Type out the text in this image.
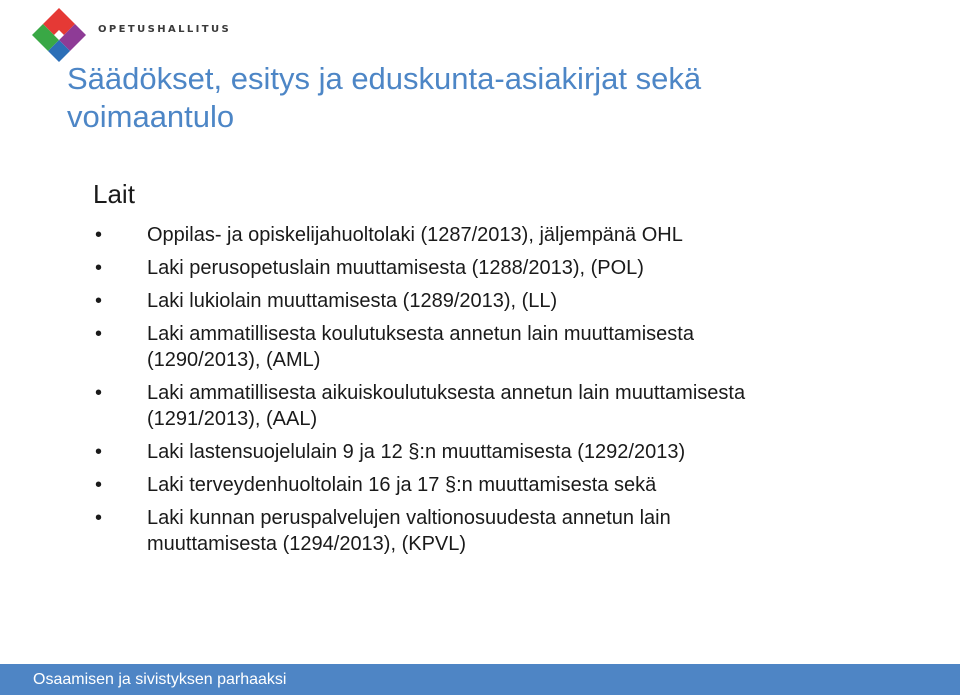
OPETUSHALLITUS
Säädökset, esitys ja eduskunta-asiakirjat sekä
voimaantulo
Lait
•	Oppilas- ja opiskelijahuoltolaki (1287/2013), jäljempänä OHL
•	Laki perusopetuslain muuttamisesta (1288/2013), (POL)
•	Laki lukiolain muuttamisesta (1289/2013), (LL)
•	Laki ammatillisesta koulutuksesta annetun lain muuttamisesta
(1290/2013), (AML)
•	Laki ammatillisesta aikuiskoulutuksesta annetun lain muuttamisesta
(1291/2013), (AAL)
•	Laki lastensuojelulain 9 ja 12 §:n muuttamisesta (1292/2013)
•	Laki terveydenhuoltolain 16 ja 17 §:n muuttamisesta sekä
•	Laki kunnan peruspalvelujen valtionosuudesta annetun lain
muuttamisesta (1294/2013), (KPVL)
Osaamisen ja sivistyksen parhaaksi
